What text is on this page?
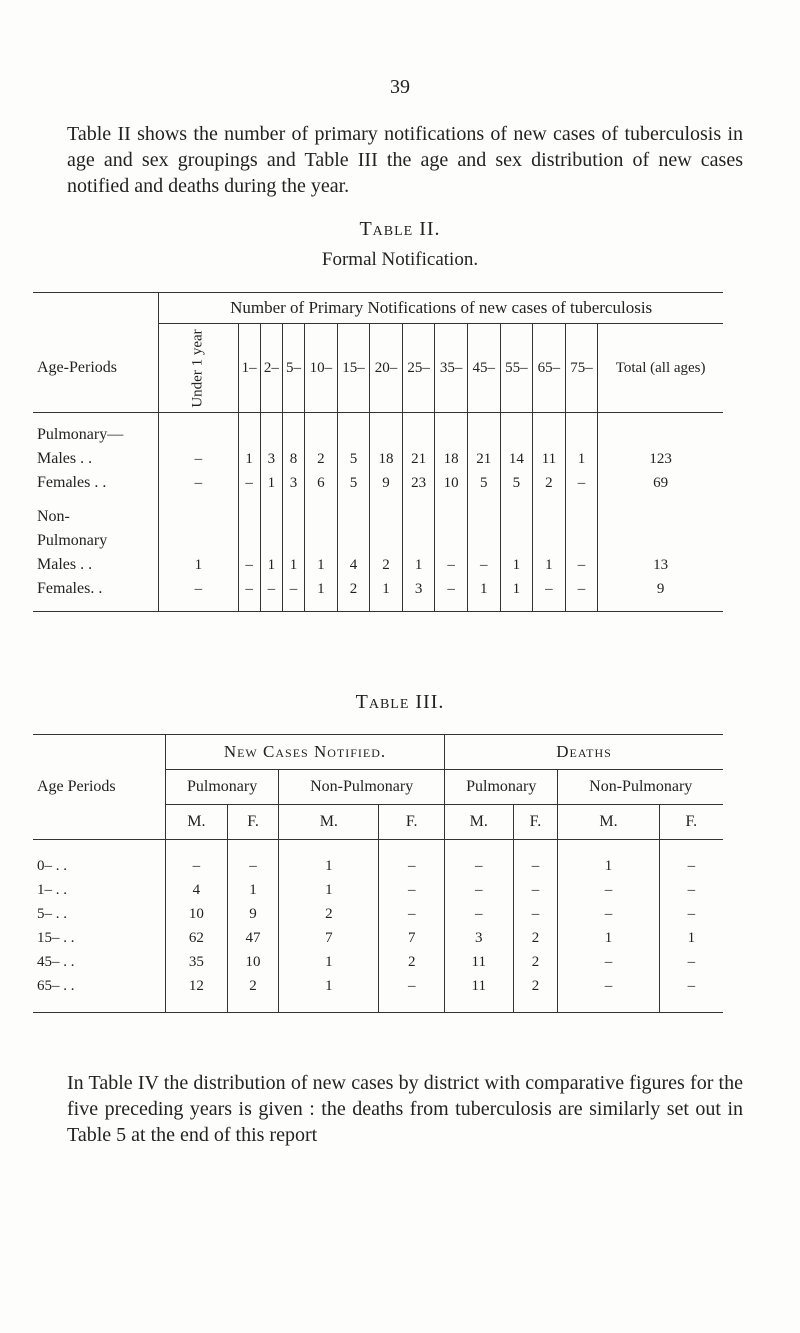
39

Table II shows the number of primary notifications of new cases of tuberculosis in age and sex groupings and Table III the age and sex distribution of new cases notified and deaths during the year.

Table II.
Formal Notification.
	Number of Primary Notifications of new cases of tuberculosis													
Age-Periods	Under 1 year	1–	2–	5–	10–	15–	20–	25–	35–	45–	55–	65–	75–	Total (all ages)
Pulmonary—														
Males . .	–	1	3	8	2	5	18	21	18	21	14	11	1	123
Females . .	–	–	1	3	6	5	9	23	10	5	5	2	–	69
Non-														
Pulmonary														
Males . .	1	–	1	1	1	4	2	1	–	–	1	1	–	13
Females. .	–	–	–	–	1	2	1	3	–	1	1	–	–	9
Table III.
Age Periods	New Cases Notified.				Deaths			
	Pulmonary		Non-Pulmonary		Pulmonary		Non-Pulmonary	
	M.	F.	M.	F.	M.	F.	M.	F.
0– . .	–	–	1	–	–	–	1	–
1– . .	4	1	1	–	–	–	–	–
5– . .	10	9	2	–	–	–	–	–
15– . .	62	47	7	7	3	2	1	1
45– . .	35	10	1	2	11	2	–	–
65– . .	12	2	1	–	11	2	–	–

In Table IV the distribution of new cases by district with comparative figures for the five preceding years is given : the deaths from tuberculosis are similarly set out in Table 5 at the end of this report
